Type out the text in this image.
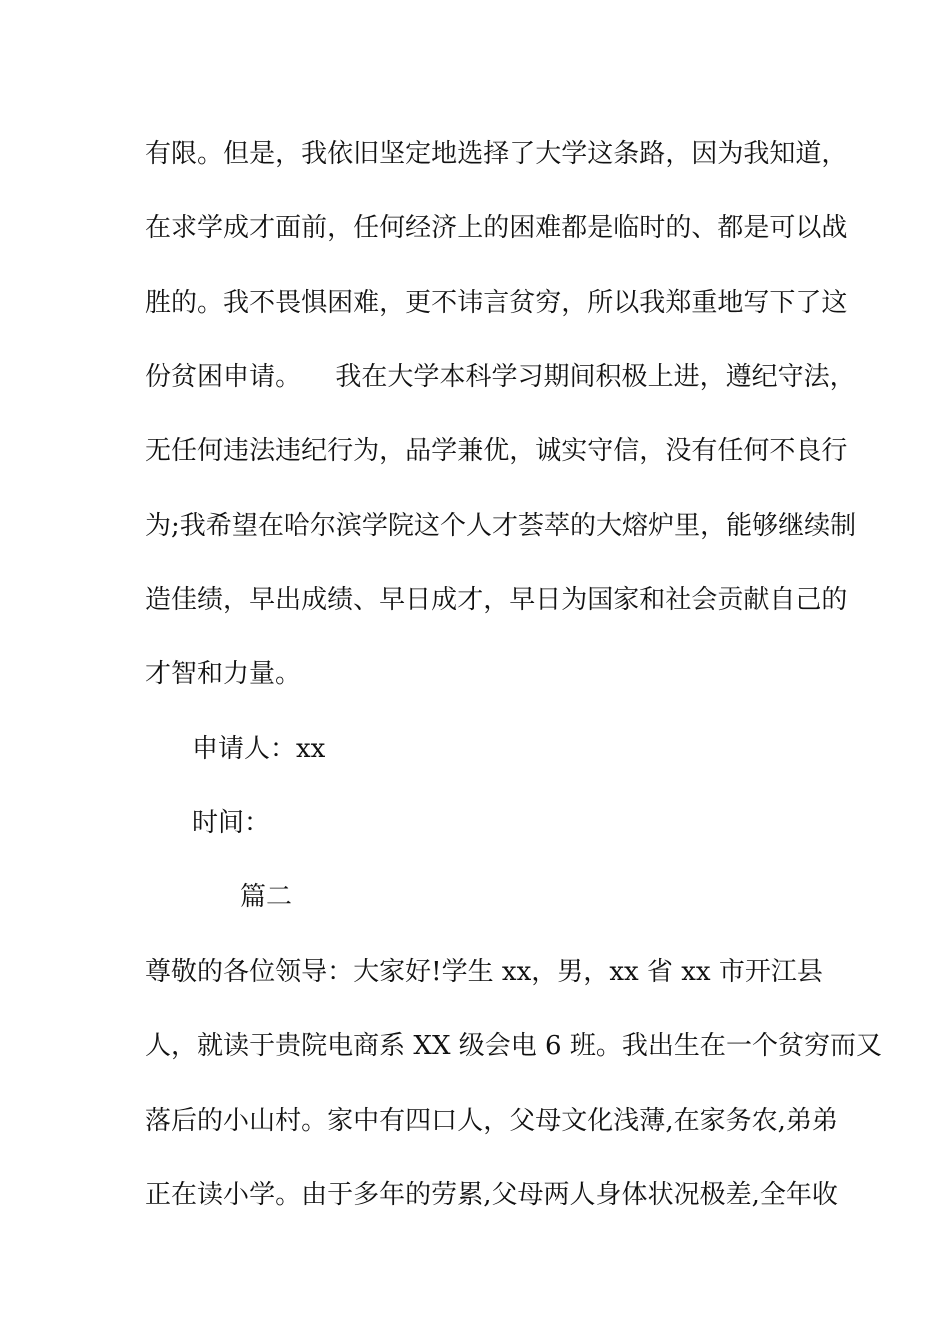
有 限 。 但 是 ， 我 依 旧 坚 定 地 选 择 了 大 学 这 条 路 ， 因 为 我 知 道 ，
在 求 学 成 才 面 前 ， 任 何 经 济 上 的 困 难 都 是 临 时 的 、 都 是 可 以 战
胜 的 。 我 不 畏 惧 困 难 ， 更 不 讳 言 贫 穷 ， 所 以 我 郑 重 地 写 下 了 这
份 贫 困 申 请 。

我 在 大 学 本 科 学 习 期 间 积 极 上 进 ， 遵 纪 守 法 ，
无 任 何 违 法 违 纪 行 为 ， 品 学 兼 优 ， 诚 实 守 信 ， 没 有 任 何 不 良 行
为 ; 我 希 望 在 哈 尔 滨 学 院 这 个 人 才 荟 萃 的 大 熔 炉 里 ， 能 够 继 续 制
造 佳 绩 ， 早 出 成 绩 、 早 日 成 才 ， 早 日 为 国 家 和 社 会 贡 献 自 己 的
才智和力量。
申请人：xx
时间：
篇二
尊 敬 的 各 位 领 导 ： 大 家 好 ! 学 生
x x ， 男 ， x x
省
x x
市 开 江 县
人 ， 就 读 于 贵 院 电 商 系
X X
级 会 电
6
班 。 我 出 生 在 一 个 贫 穷 而 又
落 后 的 小 山 村 。 家 中 有 四 口 人 ， 父 母 文 化 浅 薄 , 在 家 务 农 , 弟 弟
正 在 读 小 学 。 由 于 多 年 的 劳 累 , 父 母 两 人 身 体 状 况 极 差 , 全 年 收
